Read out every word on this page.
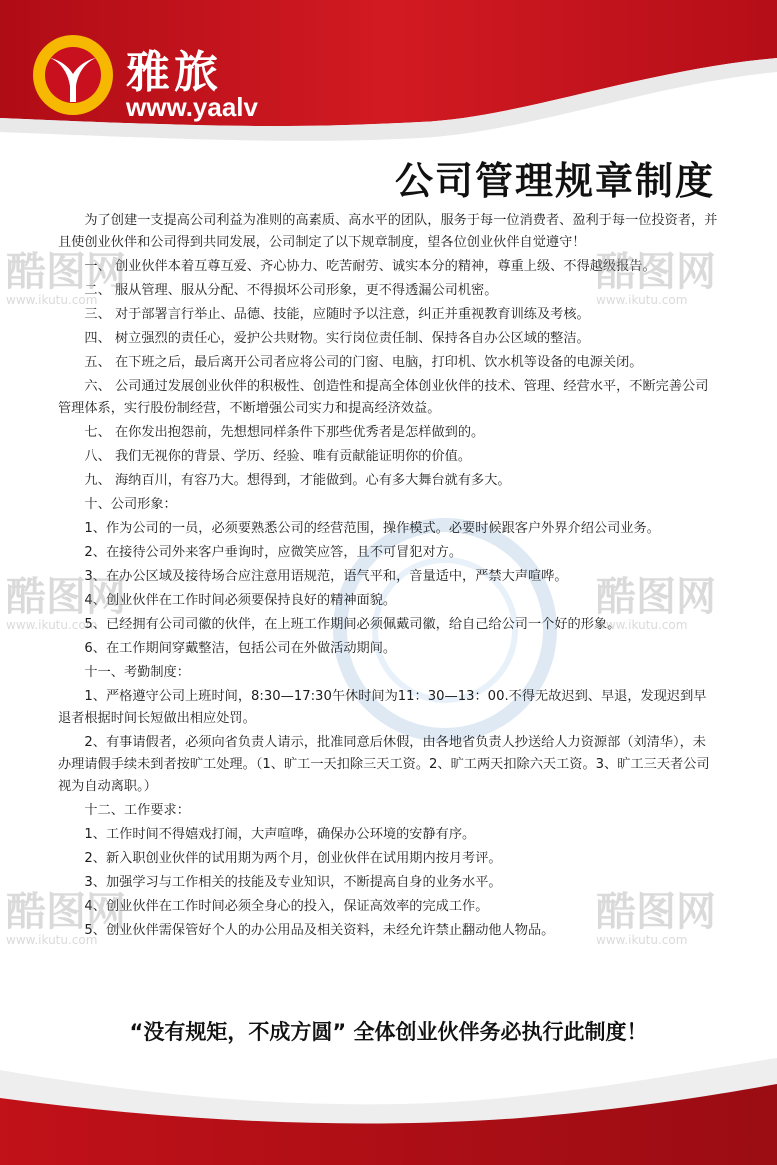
雅旅
www.yaalv
公司管理规章制度

为了创建一支提高公司利益为准则的高素质、高水平的团队，服务于每一位消费者、盈利于每一位投资者，并且使创业伙伴和公司得到共同发展，公司制定了以下规章制度，望各位创业伙伴自觉遵守！

一、 创业伙伴本着互尊互爱、齐心协力、吃苦耐劳、诚实本分的精神，尊重上级、不得越级报告。

二、 服从管理、服从分配、不得损坏公司形象，更不得透漏公司机密。

三、 对于部署言行举止、品德、技能，应随时予以注意，纠正并重视教育训练及考核。

四、 树立强烈的责任心，爱护公共财物。实行岗位责任制、保持各自办公区域的整洁。

五、 在下班之后，最后离开公司者应将公司的门窗、电脑，打印机、饮水机等设备的电源关闭。

六、 公司通过发展创业伙伴的积极性、创造性和提高全体创业伙伴的技术、管理、经营水平，不断完善公司管理体系，实行股份制经营，不断增强公司实力和提高经济效益。

七、 在你发出抱怨前，先想想同样条件下那些优秀者是怎样做到的。

八、 我们无视你的背景、学历、经验、唯有贡献能证明你的价值。

九、 海纳百川，有容乃大。想得到，才能做到。心有多大舞台就有多大。

十、公司形象：

1、作为公司的一员，必须要熟悉公司的经营范围，操作模式。必要时候跟客户外界介绍公司业务。

2、在接待公司外来客户垂询时，应微笑应答，且不可冒犯对方。

3、在办公区域及接待场合应注意用语规范，语气平和，音量适中，严禁大声喧哗。

4、创业伙伴在工作时间必须要保持良好的精神面貌。

5、已经拥有公司司徽的伙伴，在上班工作期间必须佩戴司徽，给自己给公司一个好的形象。

6、在工作期间穿戴整洁，包括公司在外做活动期间。

十一、考勤制度：

1、严格遵守公司上班时间，8:30—17:30午休时间为11：30—13：00.不得无故迟到、早退，发现迟到早退者根据时间长短做出相应处罚。

2、有事请假者，必须向省负责人请示，批准同意后休假，由各地省负责人抄送给人力资源部（刘清华），未办理请假手续未到者按旷工处理。（1、旷工一天扣除三天工资。2、旷工两天扣除六天工资。3、旷工三天者公司视为自动离职。）

十二、工作要求：

1、工作时间不得嬉戏打闹，大声喧哗，确保办公环境的安静有序。

2、新入职创业伙伴的试用期为两个月，创业伙伴在试用期内按月考评。

3、加强学习与工作相关的技能及专业知识，不断提高自身的业务水平。

4、创业伙伴在工作时间必须全身心的投入，保证高效率的完成工作。

5、创业伙伴需保管好个人的办公用品及相关资料，未经允许禁止翻动他人物品。

“没有规矩，不成方圆” 全体创业伙伴务必执行此制度！
酷图网
www.ikutu.com
酷图网
www.ikutu.com
酷图网
www.ikutu.com
酷图网
www.ikutu.com
酷图网
www.ikutu.com
酷图网
www.ikutu.com
